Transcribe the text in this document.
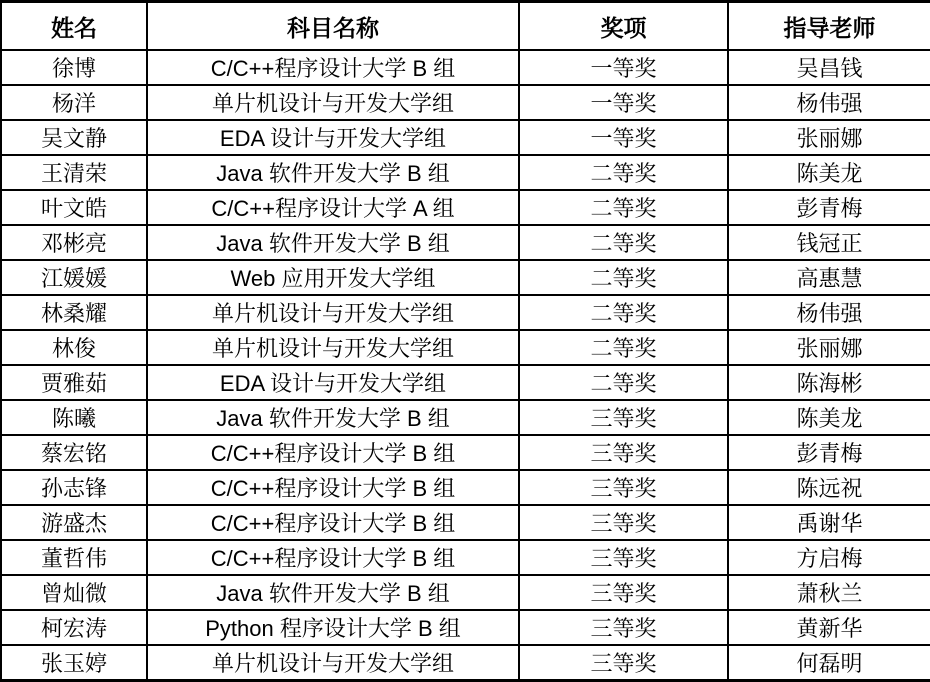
姓名	科目名称	奖项	指导老师
徐博	C/C++程序设计大学 B 组	一等奖	吴昌钱
杨洋	单片机设计与开发大学组	一等奖	杨伟强
吴文静	EDA 设计与开发大学组	一等奖	张丽娜
王清荣	Java 软件开发大学 B 组	二等奖	陈美龙
叶文皓	C/C++程序设计大学 A 组	二等奖	彭青梅
邓彬亮	Java 软件开发大学 B 组	二等奖	钱冠正
江媛媛	Web 应用开发大学组	二等奖	高惠慧
林桑耀	单片机设计与开发大学组	二等奖	杨伟强
林俊	单片机设计与开发大学组	二等奖	张丽娜
贾雅茹	EDA 设计与开发大学组	二等奖	陈海彬
陈曦	Java 软件开发大学 B 组	三等奖	陈美龙
蔡宏铭	C/C++程序设计大学 B 组	三等奖	彭青梅
孙志锋	C/C++程序设计大学 B 组	三等奖	陈远祝
游盛杰	C/C++程序设计大学 B 组	三等奖	禹谢华
董哲伟	C/C++程序设计大学 B 组	三等奖	方启梅
曾灿微	Java 软件开发大学 B 组	三等奖	萧秋兰
柯宏涛	Python 程序设计大学 B 组	三等奖	黄新华
张玉婷	单片机设计与开发大学组	三等奖	何磊明
